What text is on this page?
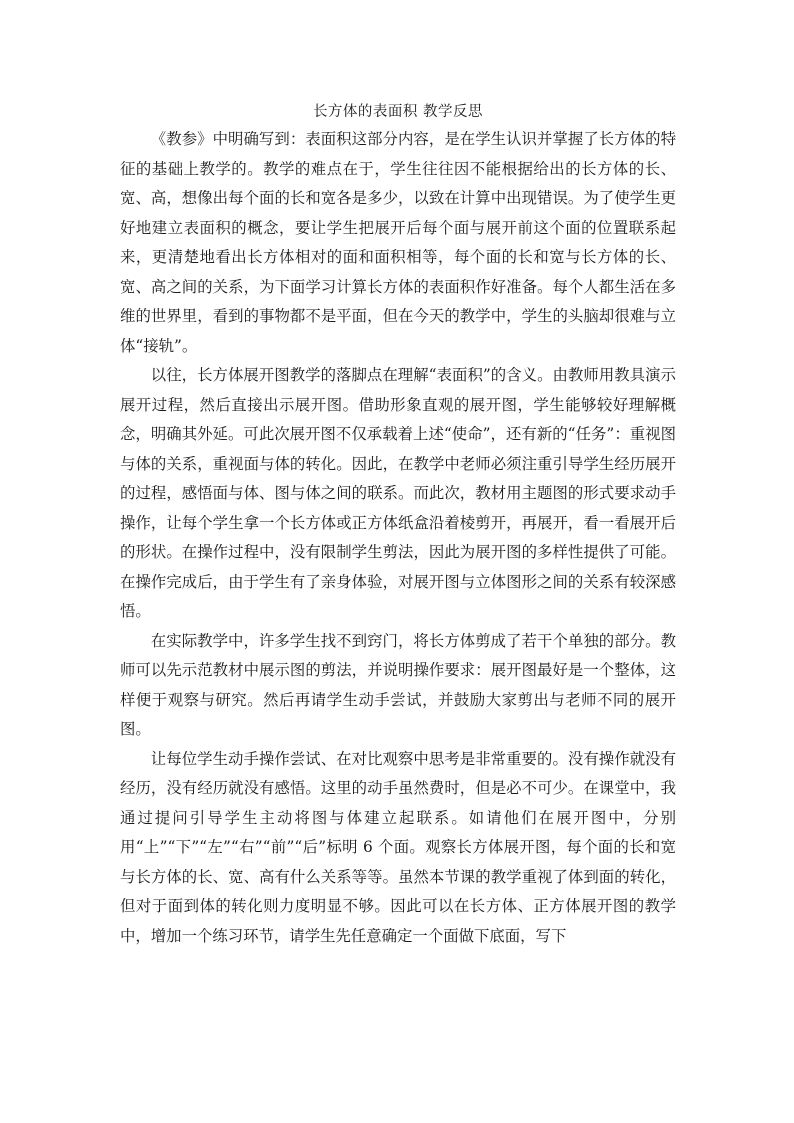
长方体的表面积 教学反思

《教参》中明确写到：表面积这部分内容，是在学生认识并掌握了长方体的特征的基础上教学的。教学的难点在于，学生往往因不能根据给出的长方体的长、宽、高，想像出每个面的长和宽各是多少，以致在计算中出现错误。为了使学生更好地建立表面积的概念，要让学生把展开后每个面与展开前这个面的位置联系起来，更清楚地看出长方体相对的面和面积相等，每个面的长和宽与长方体的长、宽、高之间的关系，为下面学习计算长方体的表面积作好准备。每个人都生活在多维的世界里，看到的事物都不是平面，但在今天的教学中，学生的头脑却很难与立体“接轨”。

以往，长方体展开图教学的落脚点在理解“表面积”的含义。由教师用教具演示展开过程，然后直接出示展开图。借助形象直观的展开图，学生能够较好理解概念，明确其外延。可此次展开图不仅承载着上述“使命”，还有新的“任务”：重视图与体的关系，重视面与体的转化。因此，在教学中老师必须注重引导学生经历展开的过程，感悟面与体、图与体之间的联系。而此次，教材用主题图的形式要求动手操作，让每个学生拿一个长方体或正方体纸盒沿着棱剪开，再展开，看一看展开后的形状。在操作过程中，没有限制学生剪法，因此为展开图的多样性提供了可能。在操作完成后，由于学生有了亲身体验，对展开图与立体图形之间的关系有较深感悟。

在实际教学中，许多学生找不到窍门，将长方体剪成了若干个单独的部分。教师可以先示范教材中展示图的剪法，并说明操作要求：展开图最好是一个整体，这样便于观察与研究。然后再请学生动手尝试，并鼓励大家剪出与老师不同的展开图。

让每位学生动手操作尝试、在对比观察中思考是非常重要的。没有操作就没有经历，没有经历就没有感悟。这里的动手虽然费时，但是必不可少。在课堂中，我通过提问引导学生主动将图与体建立起联系。如请他们在展开图中，分别用“上”“下”“左”“右”“前”“后”标明 6 个面。观察长方体展开图，每个面的长和宽与长方体的长、宽、高有什么关系等等。虽然本节课的教学重视了体到面的转化，但对于面到体的转化则力度明显不够。因此可以在长方体、正方体展开图的教学中，增加一个练习环节，请学生先任意确定一个面做下底面，写下
